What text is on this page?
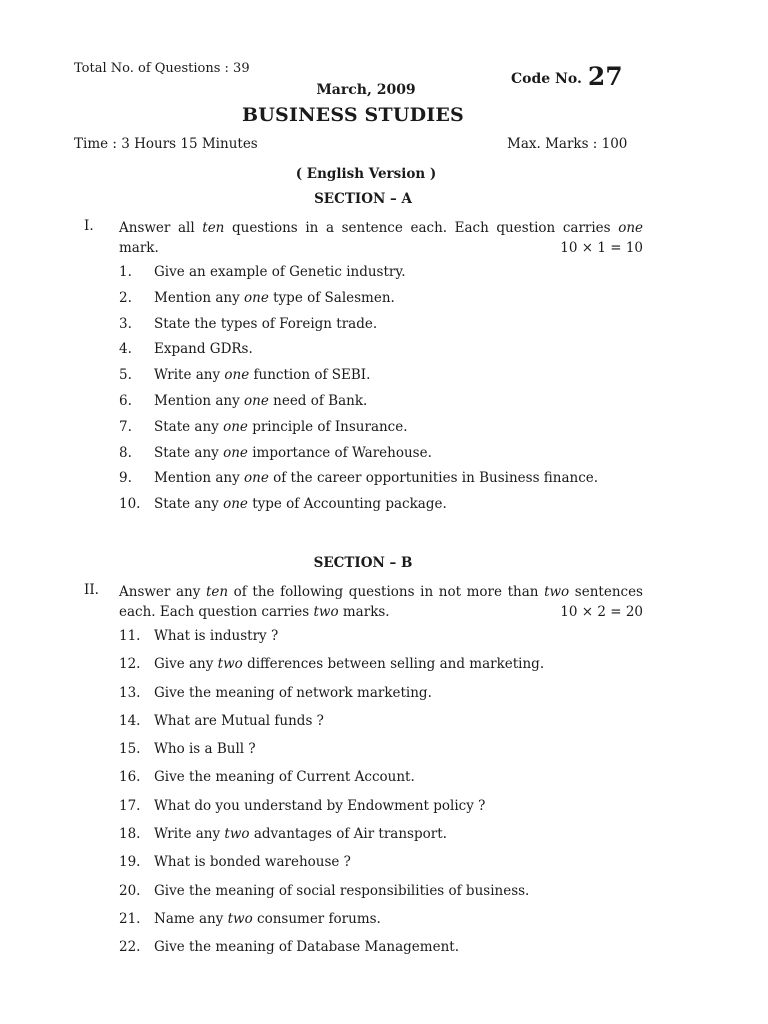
Total No. of Questions : 39
Code No. 27
March, 2009
BUSINESS STUDIES
Time : 3 Hours 15 Minutes	Max. Marks : 100
( English Version )
SECTION – A
I. Answer all ten questions in a sentence each. Each question carries one
mark.	10 × 1 = 10
1.	Give an example of Genetic industry.
2.	Mention any one type of Salesmen.
3.	State the types of Foreign trade.
4.	Expand GDRs.
5.	Write any one function of SEBI.
6.	Mention any one need of Bank.
7.	State any one principle of Insurance.
8.	State any one importance of Warehouse.
9.	Mention any one of the career opportunities in Business finance.
10.	State any one type of Accounting package.
SECTION – B
II. Answer any ten of the following questions in not more than two sentences
each. Each question carries two marks.	10 × 2 = 20
11.	What is industry ?
12.	Give any two differences between selling and marketing.
13.	Give the meaning of network marketing.
14.	What are Mutual funds ?
15.	Who is a Bull ?
16.	Give the meaning of Current Account.
17.	What do you understand by Endowment policy ?
18.	Write any two advantages of Air transport.
19.	What is bonded warehouse ?
20.	Give the meaning of social responsibilities of business.
21.	Name any two consumer forums.
22.	Give the meaning of Database Management.
